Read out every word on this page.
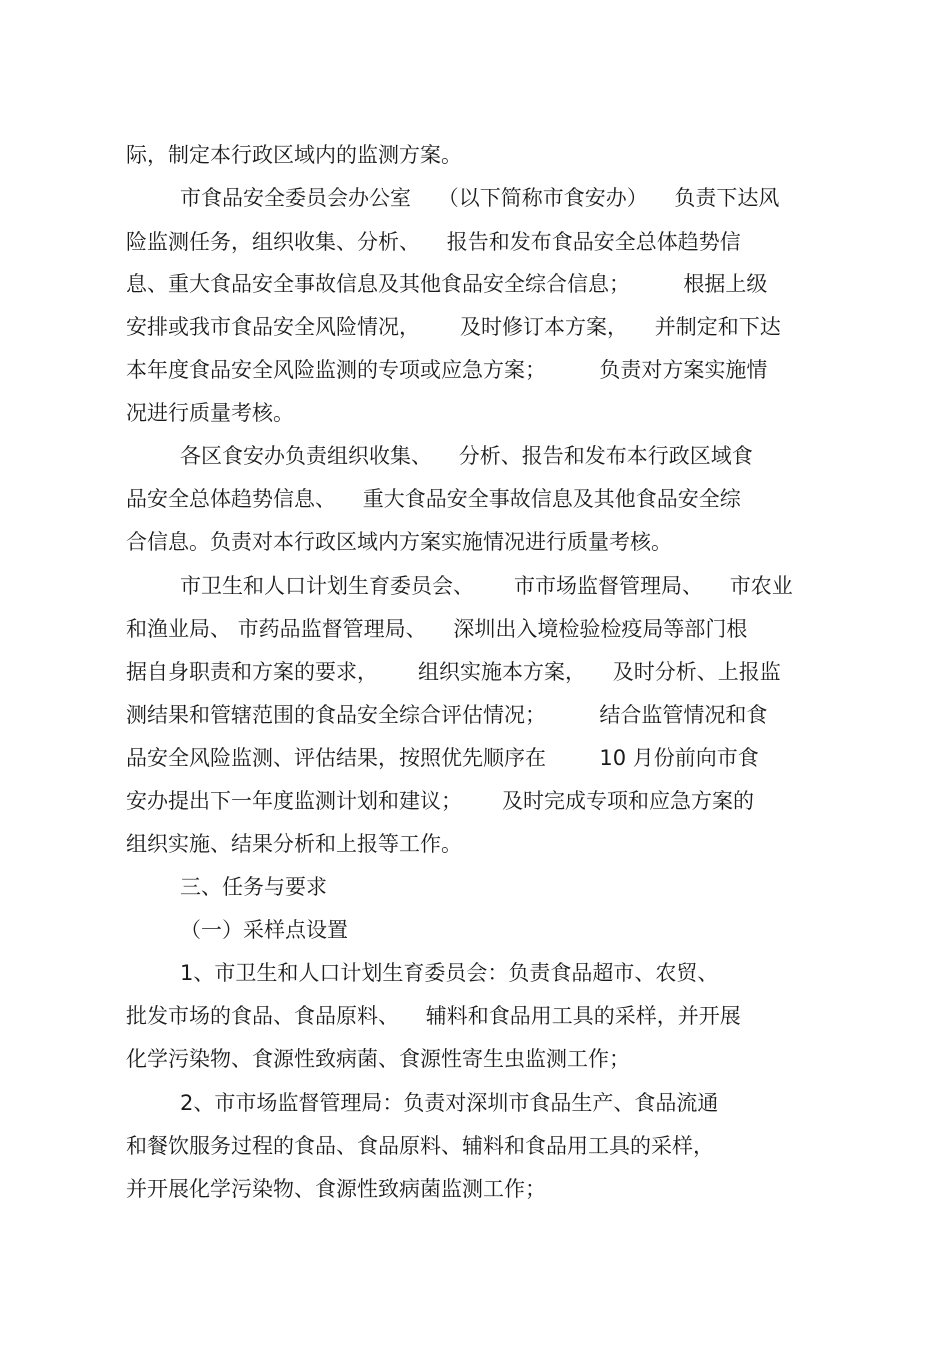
际，制定本行政区域内的监测方案。
市食品安全委员会办公室    （以下简称市食安办）    负责下达风
险监测任务，组织收集、分析、    报告和发布食品安全总体趋势信
息、重大食品安全事故信息及其他食品安全综合信息；        根据上级
安排或我市食品安全风险情况，      及时修订本方案，    并制定和下达
本年度食品安全风险监测的专项或应急方案；        负责对方案实施情
况进行质量考核。
各区食安办负责组织收集、    分析、报告和发布本行政区域食
品安全总体趋势信息、    重大食品安全事故信息及其他食品安全综
合信息。负责对本行政区域内方案实施情况进行质量考核。
市卫生和人口计划生育委员会、      市市场监督管理局、    市农业
和渔业局、 市药品监督管理局、    深圳出入境检验检疫局等部门根
据自身职责和方案的要求，      组织实施本方案，    及时分析、上报监
测结果和管辖范围的食品安全综合评估情况；        结合监管情况和食
品安全风险监测、评估结果，按照优先顺序在        10 月份前向市食
安办提出下一年度监测计划和建议；      及时完成专项和应急方案的
组织实施、结果分析和上报等工作。
三、任务与要求
（一）采样点设置
1、市卫生和人口计划生育委员会：负责食品超市、农贸、
批发市场的食品、食品原料、    辅料和食品用工具的采样，并开展
化学污染物、食源性致病菌、食源性寄生虫监测工作；
2、市市场监督管理局：负责对深圳市食品生产、食品流通
和餐饮服务过程的食品、食品原料、辅料和食品用工具的采样，
并开展化学污染物、食源性致病菌监测工作；
